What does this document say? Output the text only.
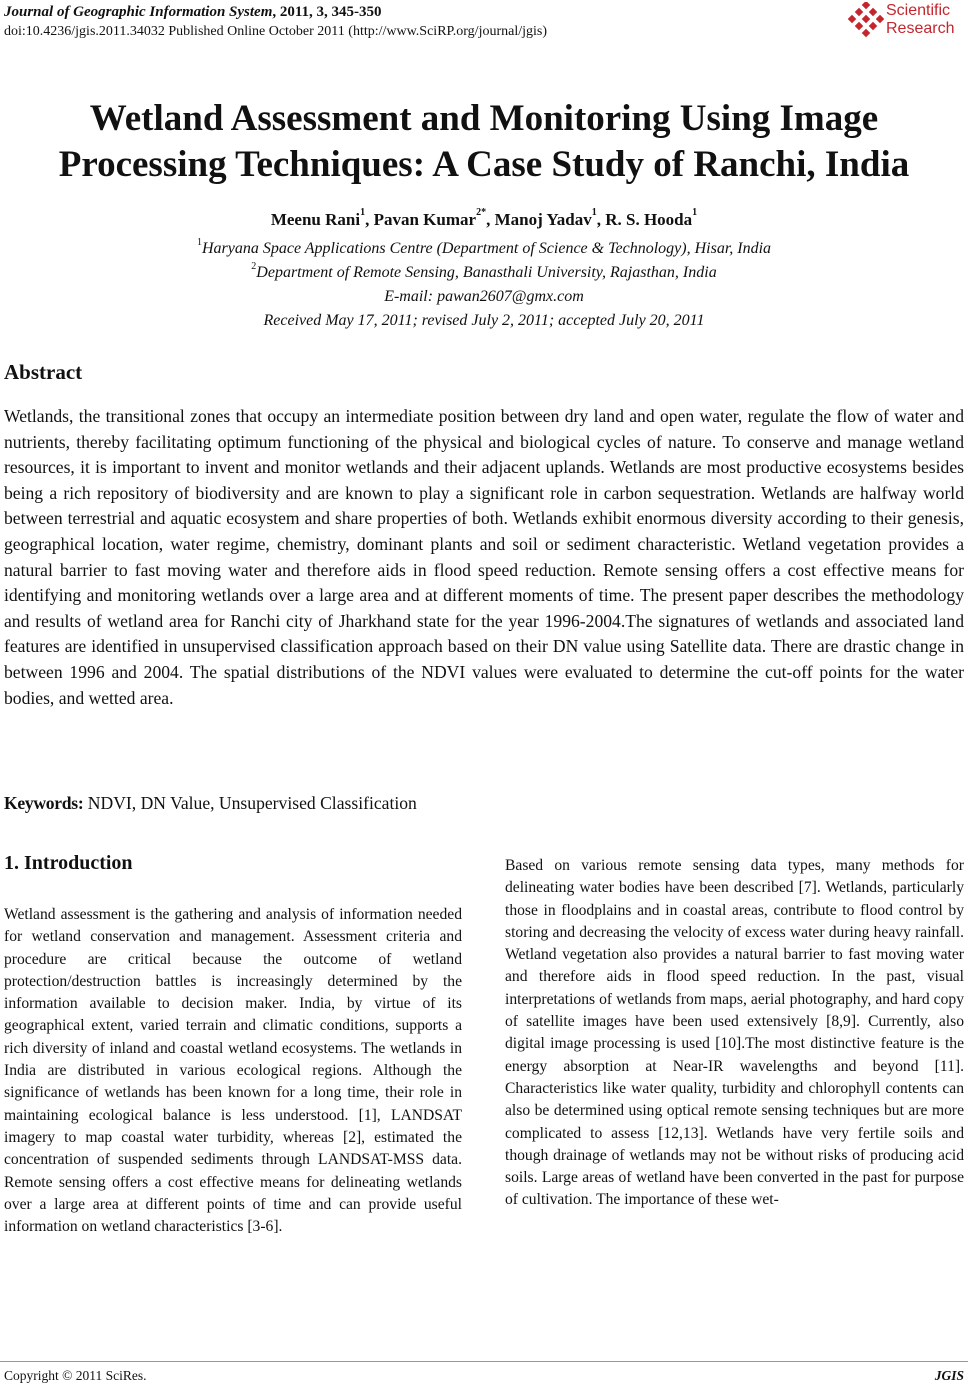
Journal of Geographic Information System, 2011, 3, 345-350
doi:10.4236/jgis.2011.34032 Published Online October 2011 (http://www.SciRP.org/journal/jgis)
Scientific
Research
Wetland Assessment and Monitoring Using Image
Processing Techniques: A Case Study of Ranchi, India
Meenu Rani$^1$, Pavan Kumar$^{2*}$, Manoj Yadav$^1$, R. S. Hooda$^1$
$^1$Haryana Space Applications Centre (Department of Science & Technology), Hisar, India
$^2$Department of Remote Sensing, Banasthali University, Rajasthan, India
E-mail: pawan2607@gmx.com
Received May 17, 2011; revised July 2, 2011; accepted July 20, 2011
Abstract
Wetlands, the transitional zones that occupy an intermediate position between dry land and open water, regulate the flow of water and nutrients, thereby facilitating optimum functioning of the physical and biological cycles of nature. To conserve and manage wetland resources, it is important to invent and monitor wetlands and their adjacent uplands. Wetlands are most productive ecosystems besides being a rich repository of biodiversity and are known to play a significant role in carbon sequestration. Wetlands are halfway world between terrestrial and aquatic ecosystem and share properties of both. Wetlands exhibit enormous diversity according to their genesis, geographical location, water regime, chemistry, dominant plants and soil or sediment characteristic. Wetland vegetation provides a natural barrier to fast moving water and therefore aids in flood speed reduction. Remote sensing offers a cost effective means for identifying and monitoring wetlands over a large area and at different moments of time. The present paper describes the methodology and results of wetland area for Ranchi city of Jharkhand state for the year 1996-2004.The signatures of wetlands and associated land features are identified in unsupervised classification approach based on their DN value using Satellite data. There are drastic change in between 1996 and 2004. The spatial distributions of the NDVI values were evaluated to determine the cut-off points for the water bodies, and wetted area.
Keywords: NDVI, DN Value, Unsupervised Classification
1. Introduction
Wetland assessment is the gathering and analysis of information needed for wetland conservation and management. Assessment criteria and procedure are critical because the outcome of wetland protection/destruction battles is increasingly determined by the information available to decision maker. India, by virtue of its geographical extent, varied terrain and climatic conditions, supports a rich diversity of inland and coastal wetland ecosystems. The wetlands in India are distributed in various ecological regions. Although the significance of wetlands has been known for a long time, their role in maintaining ecological balance is less understood. [1], LANDSAT imagery to map coastal water turbidity, whereas [2], estimated the concentration of suspended sediments through LANDSAT-MSS data. Remote sensing offers a cost effective means for delineating wetlands over a large area at different points of time and can provide useful information on wetland characteristics [3-6].
Based on various remote sensing data types, many methods for delineating water bodies have been described [7]. Wetlands, particularly those in floodplains and in coastal areas, contribute to flood control by storing and decreasing the velocity of excess water during heavy rainfall. Wetland vegetation also provides a natural barrier to fast moving water and therefore aids in flood speed reduction. In the past, visual interpretations of wetlands from maps, aerial photography, and hard copy of satellite images have been used extensively [8,9]. Currently, also digital image processing is used [10].The most distinctive feature is the energy absorption at Near-IR wavelengths and beyond [11]. Characteristics like water quality, turbidity and chlorophyll contents can also be determined using optical remote sensing techniques but are more complicated to assess [12,13]. Wetlands have very fertile soils and though drainage of wetlands may not be without risks of producing acid soils. Large areas of wetland have been converted in the past for purpose of cultivation. The importance of these wet-
Copyright © 2011 SciRes.	JGIS
